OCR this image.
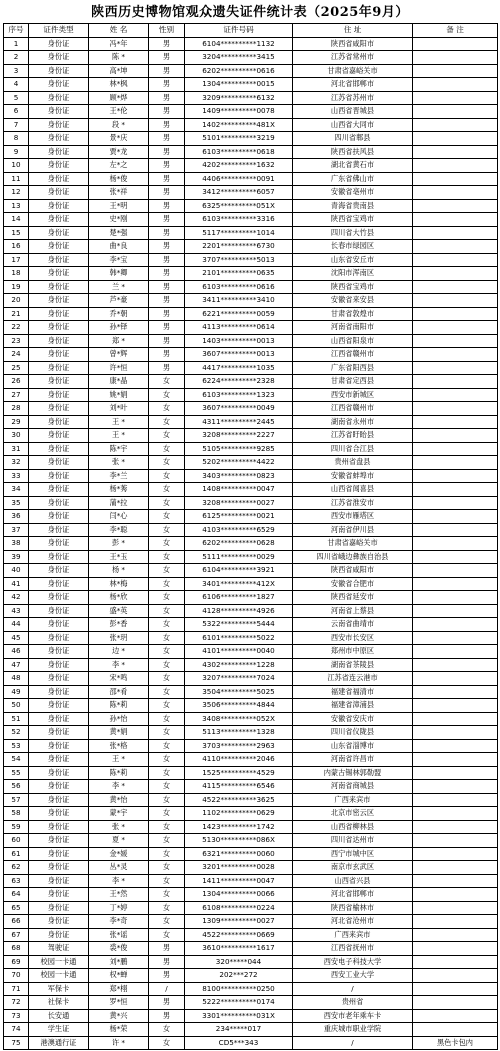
陕西历史博物馆观众遗失证件统计表（2025年9月）
序号	证件类型	姓 名	性别	证件号码	住 址	备 注
1	身份证	冯*年	男	6104**********1132	陕西省咸阳市	
2	身份证	陈 *	男	3204**********3415	江苏省常州市	
3	身份证	高*坤	男	6202**********0616	甘肃省嘉峪关市	
4	身份证	林*枫	男	1304**********0015	河北省邯郸市	
5	身份证	顾*烨	男	3209**********6132	江苏省苏州市	
6	身份证	王*伦	男	1409**********0078	山西省晋城县	
7	身份证	段 *	男	1402**********481X	山西省大同市	
8	身份证	景*庆	男	5101**********3219	四川省郫县	
9	身份证	贾*龙	男	6103**********0618	陕西省扶风县	
10	身份证	左*之	男	4202**********1632	湖北省黄石市	
11	身份证	杨*俊	男	4406**********0091	广东省佛山市	
12	身份证	张*祥	男	3412**********6057	安徽省亳州市	
13	身份证	王*明	男	6325**********051X	青海省贵南县	
14	身份证	史*刚	男	6103**********3316	陕西省宝鸡市	
15	身份证	楚*强	男	5117**********1014	四川省大竹县	
16	身份证	曲*良	男	2201**********6730	长春市绿园区	
17	身份证	李*宝	男	3707**********5013	山东省安丘市	
18	身份证	韩*卿	男	2101**********0635	沈阳市浑南区	
19	身份证	兰 *	男	6103**********0616	陕西省宝鸡市	
20	身份证	芦*豪	男	3411**********3410	安徽省来安县	
21	身份证	乔*朝	男	6221**********0059	甘肃省敦煌市	
22	身份证	孙*铎	男	4113**********0614	河南省南阳市	
23	身份证	郑 *	男	1403**********0013	山西省阳泉市	
24	身份证	曾*辉	男	3607**********0013	江西省赣州市	
25	身份证	许*恒	男	4417**********1035	广东省阳西县	
26	身份证	康*晶	女	6224**********2328	甘肃省定西县	
27	身份证	姚*娟	女	6103**********1323	西安市新城区	
28	身份证	刘*叶	女	3607**********0049	江西省赣州市	
29	身份证	王 *	女	4311**********2445	湖南省永州市	
30	身份证	王 *	女	3208**********2227	江苏省盱眙县	
31	身份证	陈*宇	女	5105**********9285	四川省合江县	
32	身份证	张 *	女	5202**********4422	贵州省盘县	
33	身份证	李*兰	女	3403**********0823	安徽省蚌埠市	
34	身份证	杨*莠	女	1408**********0047	山西省闻喜县	
35	身份证	蒲*拉	女	3208**********0027	江苏省淮安市	
36	身份证	闫*心	女	6125**********0021	西安市雁塔区	
37	身份证	李*聪	女	4103**********6529	河南省伊川县	
38	身份证	彭 *	女	6202**********0628	甘肃省嘉峪关市	
39	身份证	王*玉	女	5111**********0029	四川省峨边彝族自治县	
40	身份证	杨 *	女	6104**********3921	陕西省咸阳市	
41	身份证	林*梅	女	3401**********412X	安徽省合肥市	
42	身份证	杨*欣	女	6106**********1827	陕西省延安市	
43	身份证	盛*英	女	4128**********4926	河南省上蔡县	
44	身份证	彭*香	女	5322**********5444	云南省曲靖市	
45	身份证	张*玥	女	6101**********5022	西安市长安区	
46	身份证	边 *	女	4101**********0040	郑州市中原区	
47	身份证	李 *	女	4302**********1228	湖南省茶陵县	
48	身份证	宋*鸣	女	3207**********7024	江苏省连云港市	
49	身份证	邵*肴	女	3504**********5025	福建省福清市	
50	身份证	陈*莉	女	3506**********4844	福建省漳浦县	
51	身份证	孙*怡	女	3408**********052X	安徽省安庆市	
52	身份证	黄*娟	女	5113**********1328	四川省仪陇县	
53	身份证	张*格	女	3703**********2963	山东省淄博市	
54	身份证	王 *	女	4110**********2046	河南省许昌市	
55	身份证	陈*莉	女	1525**********4529	内蒙古锡林郭勒盟	
56	身份证	李 *	女	4115**********6546	河南省商城县	
57	身份证	黄*怡	女	4522**********3625	广西来宾市	
58	身份证	蒙*宇	女	1102**********0629	北京市密云区	
59	身份证	张 *	女	1423**********1742	山西省柳林县	
60	身份证	夏 *	女	5130**********086X	四川省达州市	
61	身份证	金*媛	女	6321**********0060	西宁市城中区	
62	身份证	丛*灵	女	3201**********0028	南京市玄武区	
63	身份证	李 *	女	1411**********0047	山西省兴县	
64	身份证	王*然	女	1304**********0066	河北省邯郸市	
65	身份证	丁*婷	女	6108**********0224	陕西省榆林市	
66	身份证	李*奇	女	1309**********0027	河北省沧州市	
67	身份证	张*谣	女	4522**********0669	广西来宾市	
68	驾驶证	裘*俊	男	3610**********1617	江西省抚州市	
69	校园一卡通	刘*鹏	男	320*****044	西安电子科技大学	
70	校园一卡通	权*蝉	男	202***272	西安工业大学	
71	军保卡	郑*栩	/	8100**********0250	/	
72	社保卡	罗*恒	男	5222**********0174	贵州省	
73	长安通	黄*兴	男	3301**********031X	西安市老年乘车卡	
74	学生证	杨*荣	女	234*****017	重庆城市职业学院	
75	港澳通行证	许 *	女	CD5***343	/	黑色卡包内
